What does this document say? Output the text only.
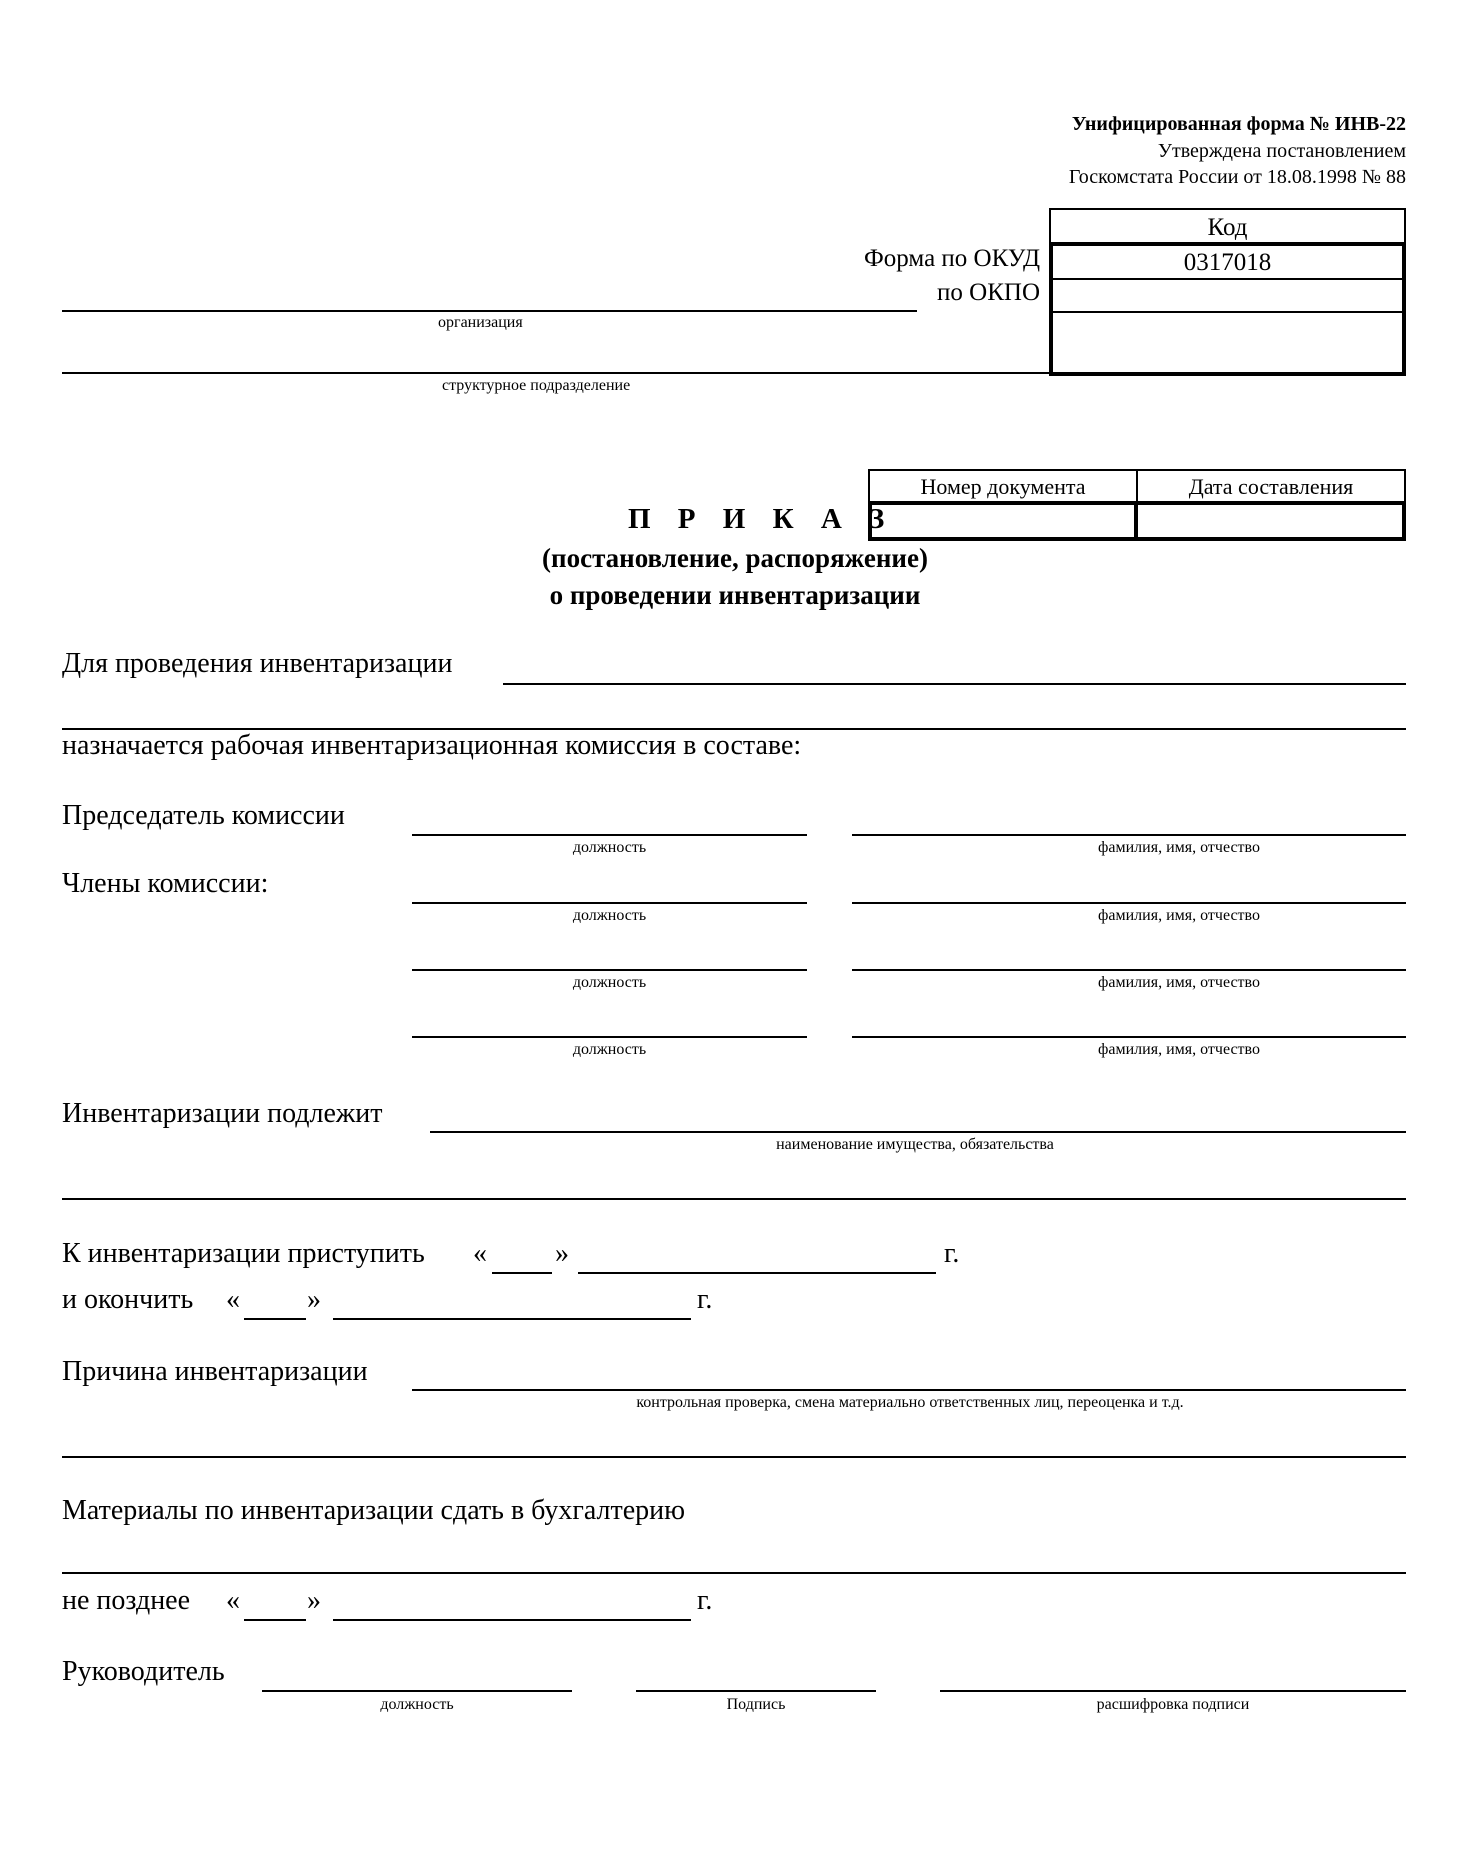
Унифицированная форма № ИНВ-22
Утверждена постановлением
Госкомстата России от 18.08.1998 № 88
Код
0317018
Форма по ОКУД
по ОКПО
организация
структурное подразделение
Номер документа	Дата составления
П Р И К А З
(постановление, распоряжение)
о проведении инвентаризации
Для проведения инвентаризации
назначается рабочая инвентаризационная комиссия в составе:
Председатель комиссии
должность	фамилия, имя, отчество
Члены комиссии:
должность	фамилия, имя, отчество
должность	фамилия, имя, отчество
должность	фамилия, имя, отчество
Инвентаризации подлежит
наименование имущества, обязательства
К инвентаризации приступить « »	г.
и окончить « »	г.
Причина инвентаризации
контрольная проверка, смена материально ответственных лиц, переоценка и т.д.
Материалы по инвентаризации сдать в бухгалтерию
не позднее « »	г.
Руководитель
должность	Подпись	расшифровка подписи
